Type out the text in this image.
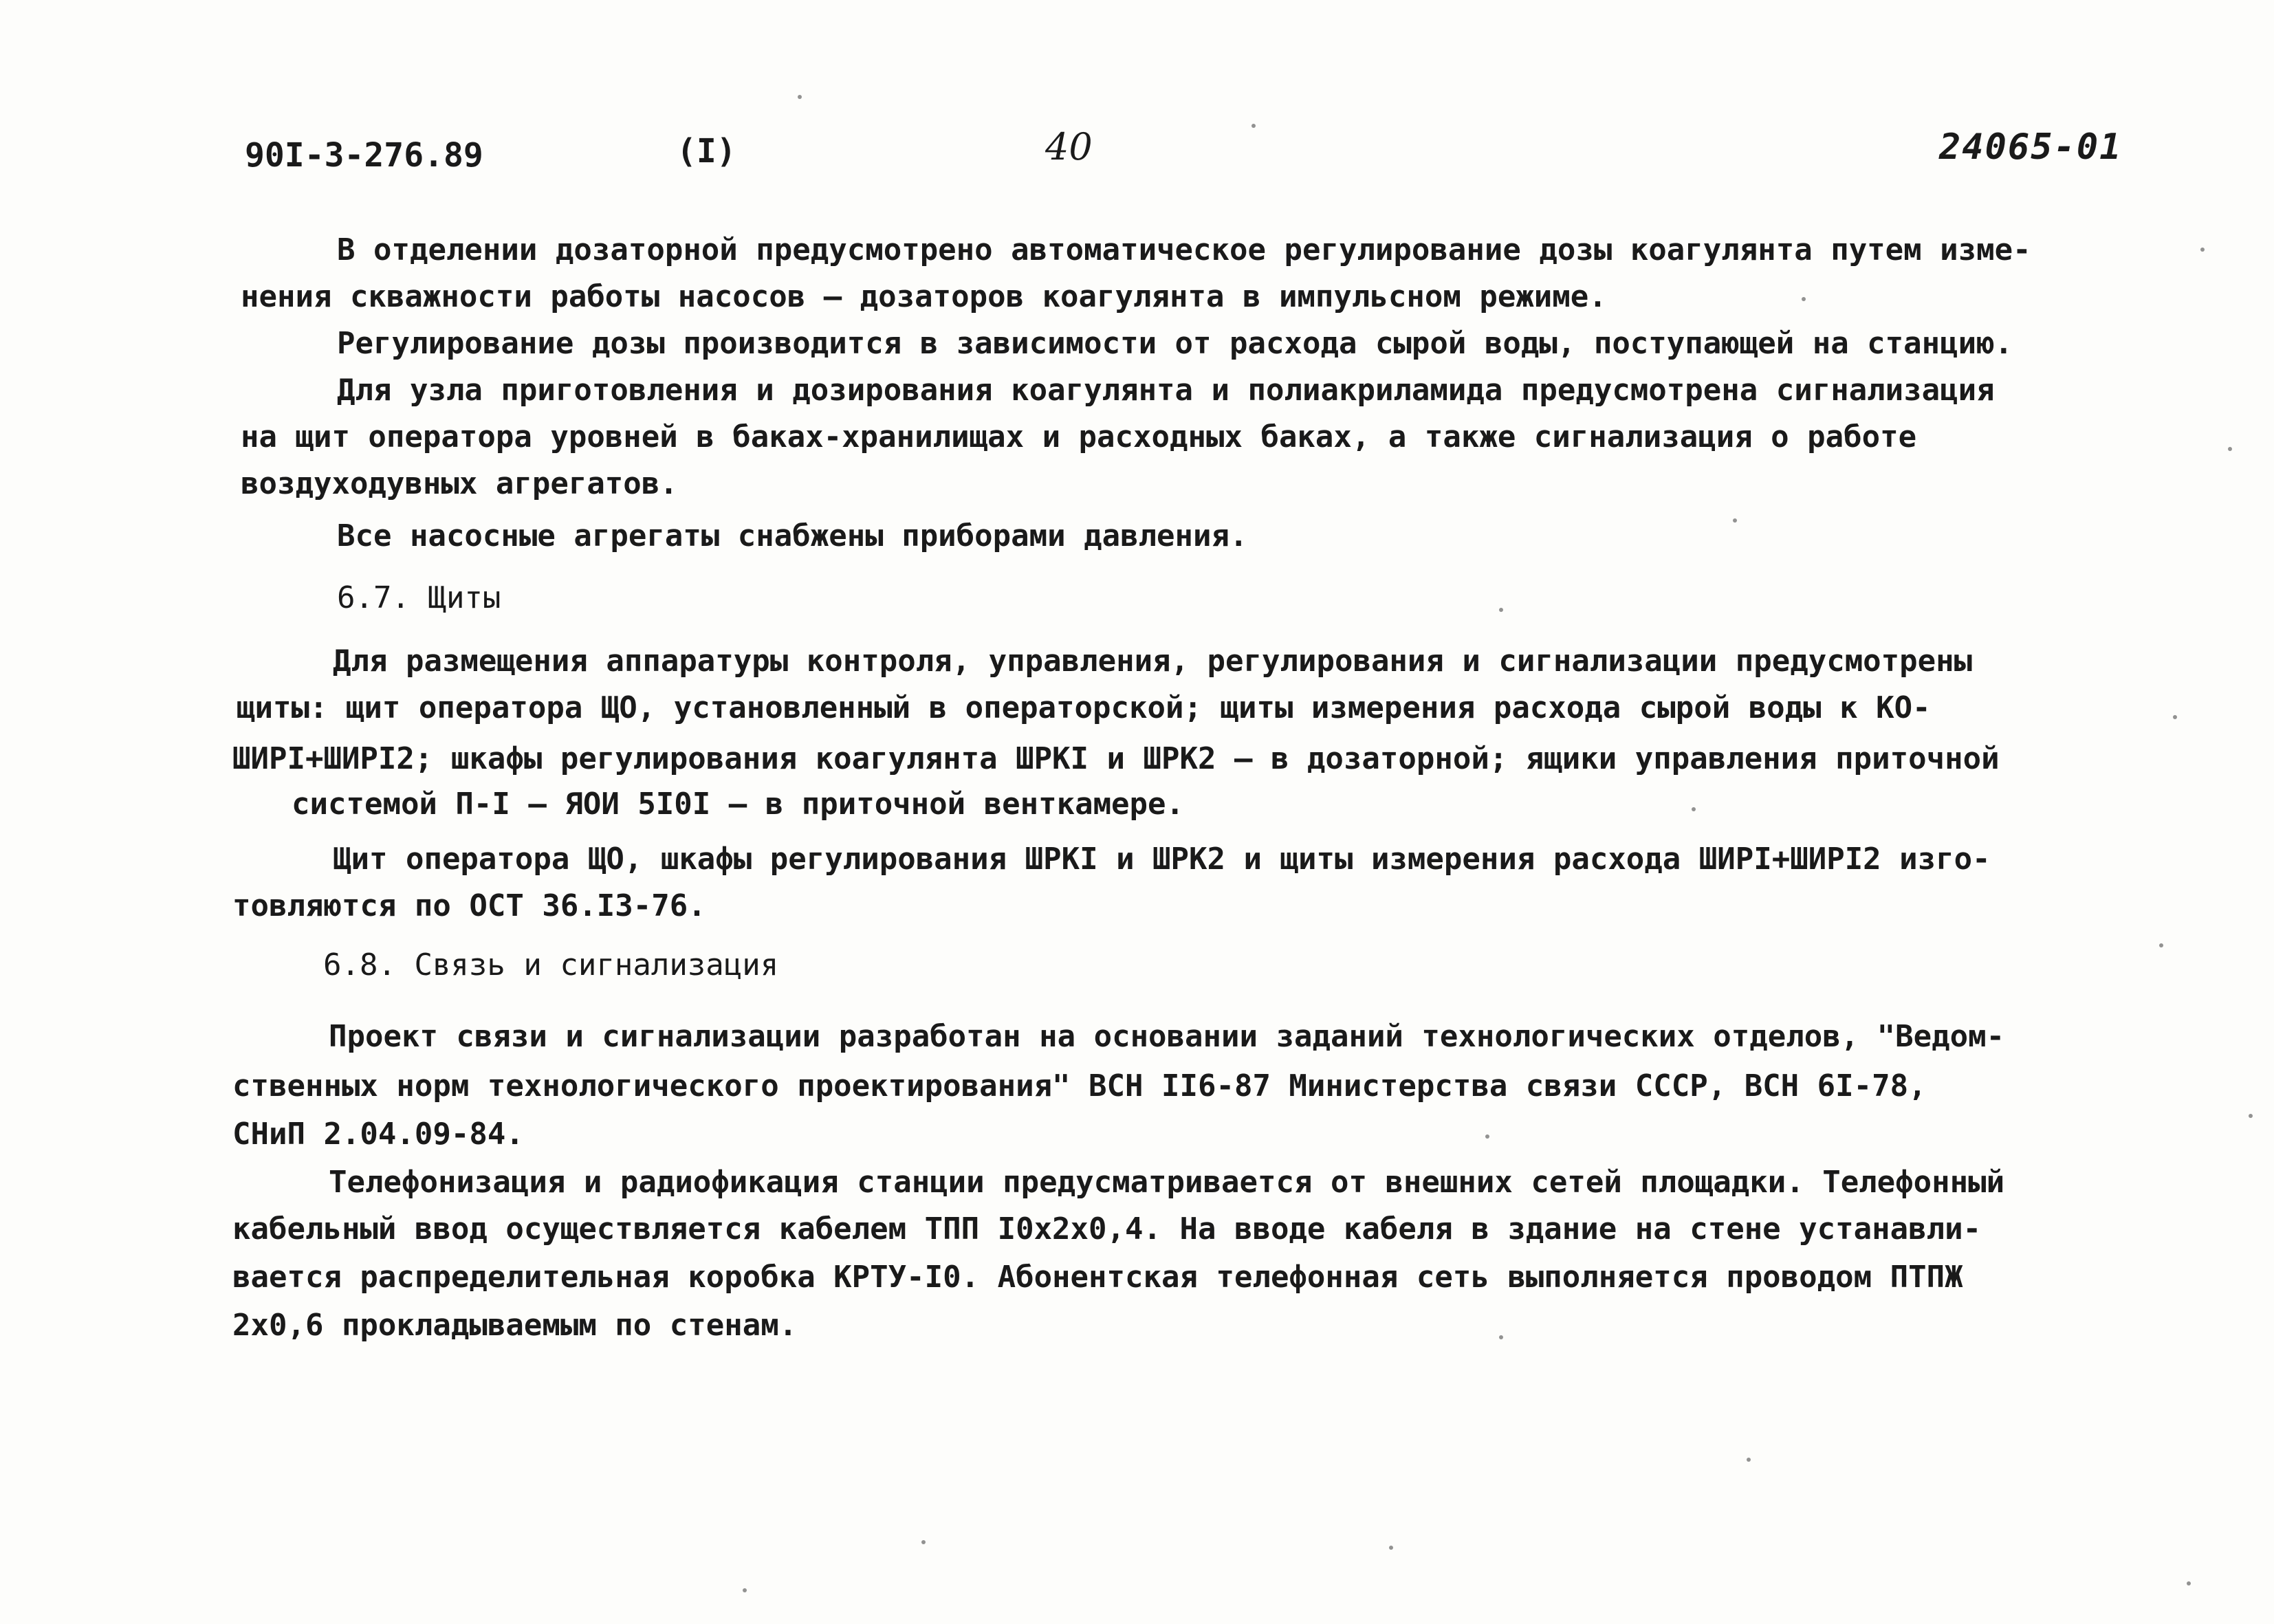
90I-3-276.89	(I)	40	24065-01
В отделении дозаторной предусмотрено автоматическое регулирование дозы коагулянта путем изме-
нения скважности работы насосов – дозаторов коагулянта в импульсном режиме.
Регулирование дозы производится в зависимости от расхода сырой воды, поступающей на станцию.
Для узла приготовления и дозирования коагулянта и полиакриламида предусмотрена сигнализация
на щит оператора уровней в баках-хранилищах и расходных баках, а также сигнализация о работе
воздуходувных агрегатов.
Все насосные агрегаты снабжены приборами давления.
6.7. Щиты
Для размещения аппаратуры контроля, управления, регулирования и сигнализации предусмотрены
щиты: щит оператора ЩО, установленный в операторской; щиты измерения расхода сырой воды к КО-
ШИРI+ШИРI2; шкафы регулирования коагулянта ШРКI и ШРК2 – в дозаторной; ящики управления приточной
системой П-I – ЯОИ 5I0I – в приточной венткамере.
Щит оператора ЩО, шкафы регулирования ШРКI и ШРК2 и щиты измерения расхода ШИРI+ШИРI2 изго-
товляются по ОСТ 36.I3-76.
6.8. Связь и сигнализация
Проект связи и сигнализации разработан на основании заданий технологических отделов, "Ведом-
ственных норм технологического проектирования" ВСН II6-87 Министерства связи СССР, ВСН 6I-78,
СНиП 2.04.09-84.
Телефонизация и радиофикация станции предусматривается от внешних сетей площадки. Телефонный
кабельный ввод осуществляется кабелем ТПП I0х2х0,4. На вводе кабеля в здание на стене устанавли-
вается распределительная коробка КРТУ-I0. Абонентская телефонная сеть выполняется проводом ПТПЖ
2х0,6 прокладываемым по стенам.
